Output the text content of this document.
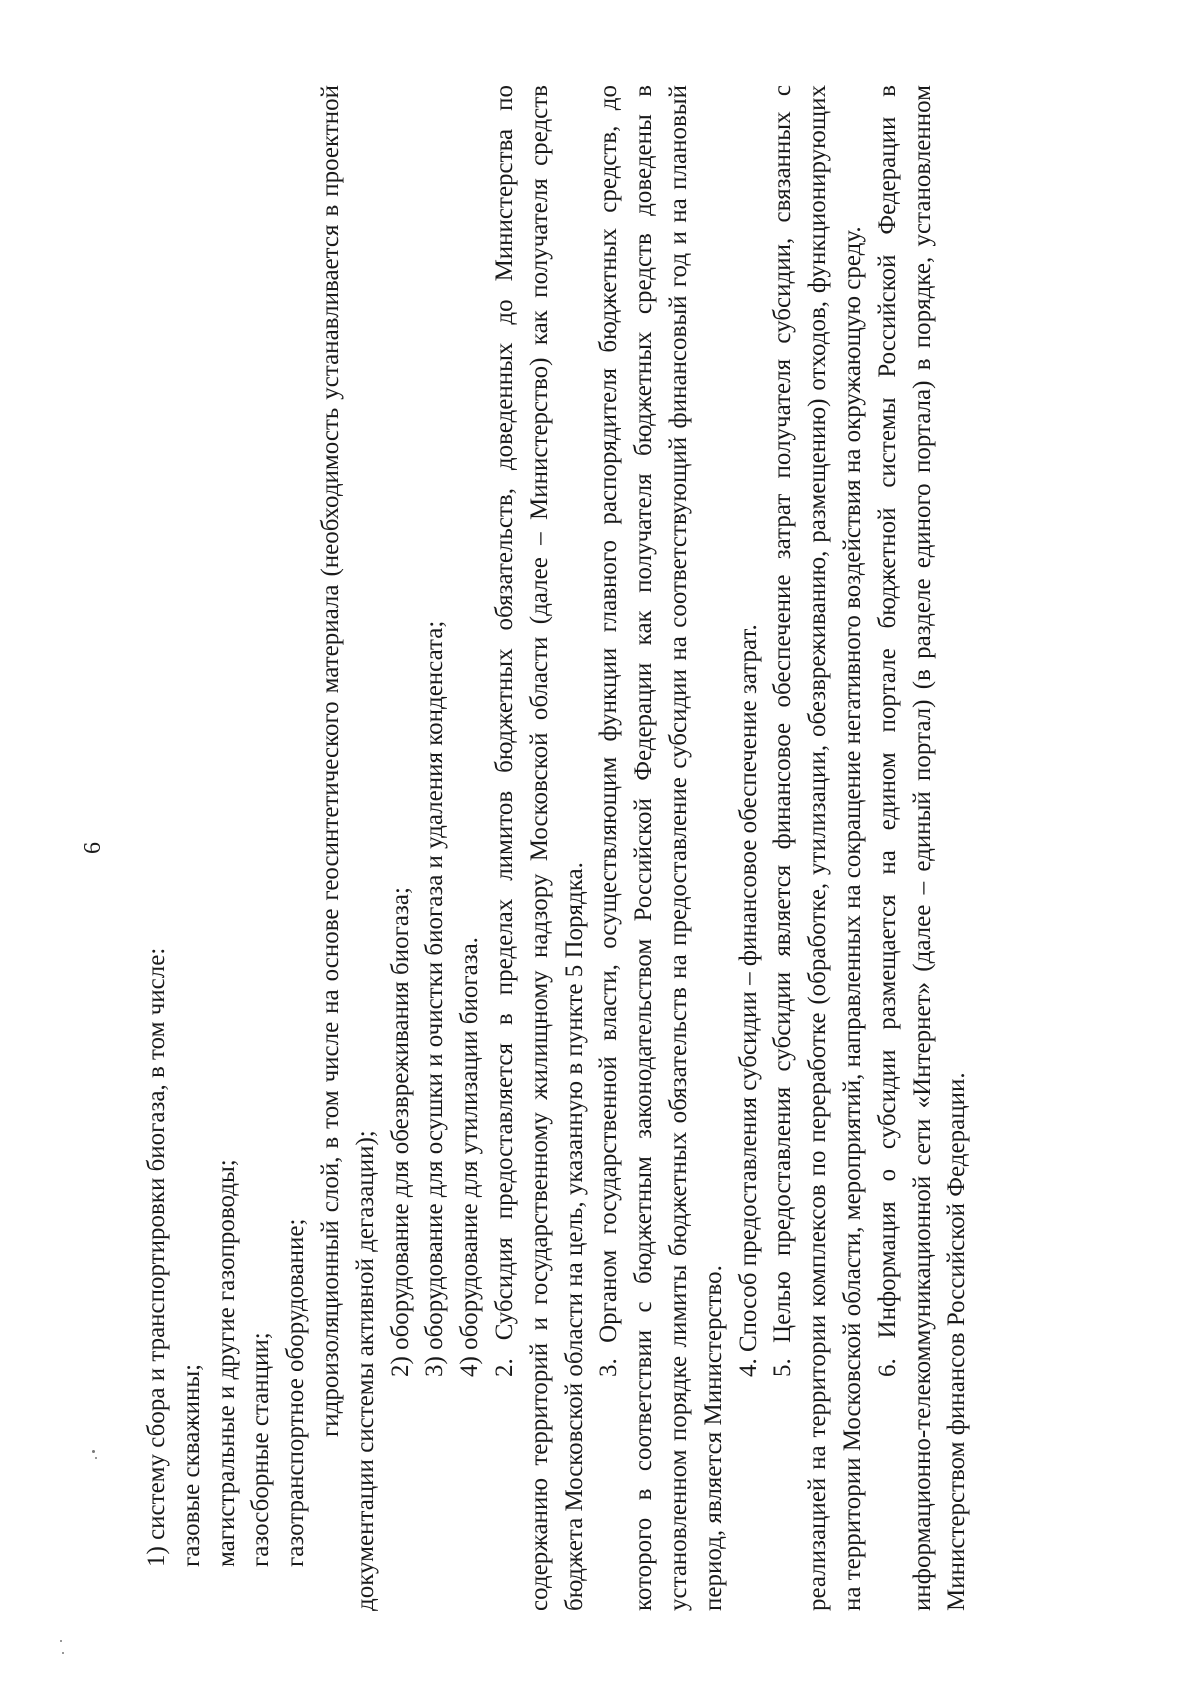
6

1) систему сбора и транспортировки биогаза, в том числе: газовые скважины; магистральные и другие газопроводы; газосборные станции; газотранспортное оборудование; гидроизоляционный слой, в том числе на основе геосинтетического материала (необходимость устанавливается в проектной документации системы активной дегазации); 2) оборудование для обезвреживания биогаза; 3) оборудование для осушки и очистки биогаза и удаления конденсата; 4) оборудование для утилизации биогаза. 2. Субсидия предоставляется в пределах лимитов бюджетных обязательств, доведенных до Министерства по содержанию территорий и государственному жилищному надзору Московской области (далее – Министерство) как получателя средств бюджета Московской области на цель, указанную в пункте 5 Порядка. 3. Органом государственной власти, осуществляющим функции главного распорядителя бюджетных средств, до которого в соответствии с бюджетным законодательством Российской Федерации как получателя бюджетных средств доведены в установленном порядке лимиты бюджетных обязательств на предоставление субсидии на соответствующий финансовый год и на плановый период, является Министерство.

4. Способ предоставления субсидии – финансовое обеспечение затрат. 5. Целью предоставления субсидии является финансовое обеспечение затрат получателя субсидии, связанных с реализацией на территории комплексов по переработке (обработке, утилизации, обезвреживанию, размещению) отходов, функционирующих на территории Московской области, мероприятий, направленных на сокращение негативного воздействия на окружающую среду. 6. Информация о субсидии размещается на едином портале бюджетной системы Российской Федерации в информационно-телекоммуникационной сети «Интернет» (далее – единый портал) (в разделе единого портала) в порядке, установленном Министерством финансов Российской Федерации.
